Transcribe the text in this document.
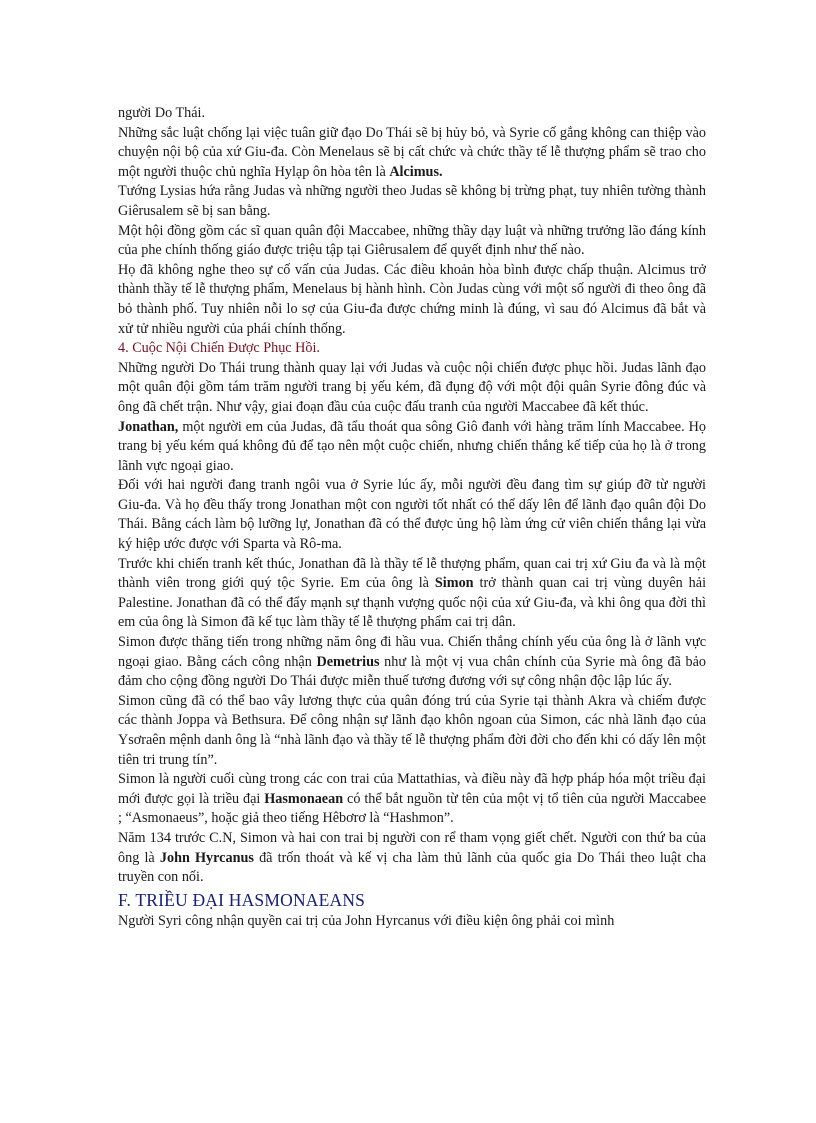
người Do Thái.

Những sắc luật chống lại việc tuân giữ đạo Do Thái sẽ bị hủy bỏ, và Syrie cố gắng không can thiệp vào chuyện nội bộ của xứ Giu-đa. Còn Menelaus sẽ bị cất chức và chức thầy tế lễ thượng phẩm sẽ trao cho một người thuộc chủ nghĩa Hylạp ôn hòa tên là Alcimus.

Tướng Lysias hứa rằng Judas và những người theo Judas sẽ không bị trừng phạt, tuy nhiên tường thành Giêrusalem sẽ bị san bằng.

Một hội đồng gồm các sĩ quan quân đội Maccabee, những thầy dạy luật và những trưởng lão đáng kính của phe chính thống giáo được triệu tập tại Giêrusalem để quyết định như thế nào.

Họ đã không nghe theo sự cố vấn của Judas. Các điều khoản hòa bình được chấp thuận. Alcimus trở thành thầy tế lễ thượng phẩm, Menelaus bị hành hình. Còn Judas cùng với một số người đi theo ông đã bỏ thành phố. Tuy nhiên nỗi lo sợ của Giu-đa được chứng minh là đúng, vì sau đó Alcimus đã bắt và xử tử nhiều người của phái chính thống.

4. Cuộc Nội Chiến Được Phục Hồi.

Những người Do Thái trung thành quay lại với Judas và cuộc nội chiến được phục hồi. Judas lãnh đạo một quân đội gồm tám trăm người trang bị yếu kém, đã đụng độ với một đội quân Syrie đông đúc và ông đã chết trận. Như vậy, giai đoạn đầu của cuộc đấu tranh của người Maccabee đã kết thúc.

Jonathan, một người em của Judas, đã tẩu thoát qua sông Giô đanh với hàng trăm lính Maccabee. Họ trang bị yếu kém quá không đủ để tạo nên một cuộc chiến, nhưng chiến thắng kế tiếp của họ là ở trong lãnh vực ngoại giao.

Đối với hai người đang tranh ngôi vua ở Syrie lúc ấy, mỗi người đều đang tìm sự giúp đỡ từ người Giu-đa. Và họ đều thấy trong Jonathan một con người tốt nhất có thể dấy lên để lãnh đạo quân đội Do Thái. Bằng cách làm bộ lưỡng lự, Jonathan đã có thể được ủng hộ làm ứng cử viên chiến thắng lại vừa ký hiệp ước được với Sparta và Rô-ma.

Trước khi chiến tranh kết thúc, Jonathan đã là thầy tế lễ thượng phẩm, quan cai trị xứ Giu đa và là một thành viên trong giới quý tộc Syrie. Em của ông là Simon trở thành quan cai trị vùng duyên hải Palestine. Jonathan đã có thể đẩy mạnh sự thạnh vượng quốc nội của xứ Giu-đa, và khi ông qua đời thì em của ông là Simon đã kế tục làm thầy tế lễ thượng phẩm cai trị dân.

Simon được thăng tiến trong những năm ông đi hầu vua. Chiến thắng chính yếu của ông là ở lãnh vực ngoại giao. Bằng cách công nhận Demetrius như là một vị vua chân chính của Syrie mà ông đã bảo đảm cho cộng đồng người Do Thái được miễn thuế tương đương với sự công nhận độc lập lúc ấy.

Simon cũng đã có thể bao vây lương thực của quân đóng trú của Syrie tại thành Akra và chiếm được các thành Joppa và Bethsura. Để công nhận sự lãnh đạo khôn ngoan của Simon, các nhà lãnh đạo của Ysơraên mệnh danh ông là “nhà lãnh đạo và thầy tế lễ thượng phẩm đời đời cho đến khi có dấy lên một tiên tri trung tín”.

Simon là người cuối cùng trong các con trai của Mattathias, và điều này đã hợp pháp hóa một triều đại mới được gọi là triều đại Hasmonaean có thể bắt nguồn từ tên của một vị tổ tiên của người Maccabee ; “Asmonaeus”, hoặc giả theo tiếng Hêbơrơ là “Hashmon”.

Năm 134 trước C.N, Simon và hai con trai bị người con rể tham vọng giết chết. Người con thứ ba của ông là John Hyrcanus đã trốn thoát và kế vị cha làm thủ lãnh của quốc gia Do Thái theo luật cha truyền con nối.

F. TRIỀU ĐẠI HASMONAEANS

Người Syri công nhận quyền cai trị của John Hyrcanus với điều kiện ông phải coi mình
